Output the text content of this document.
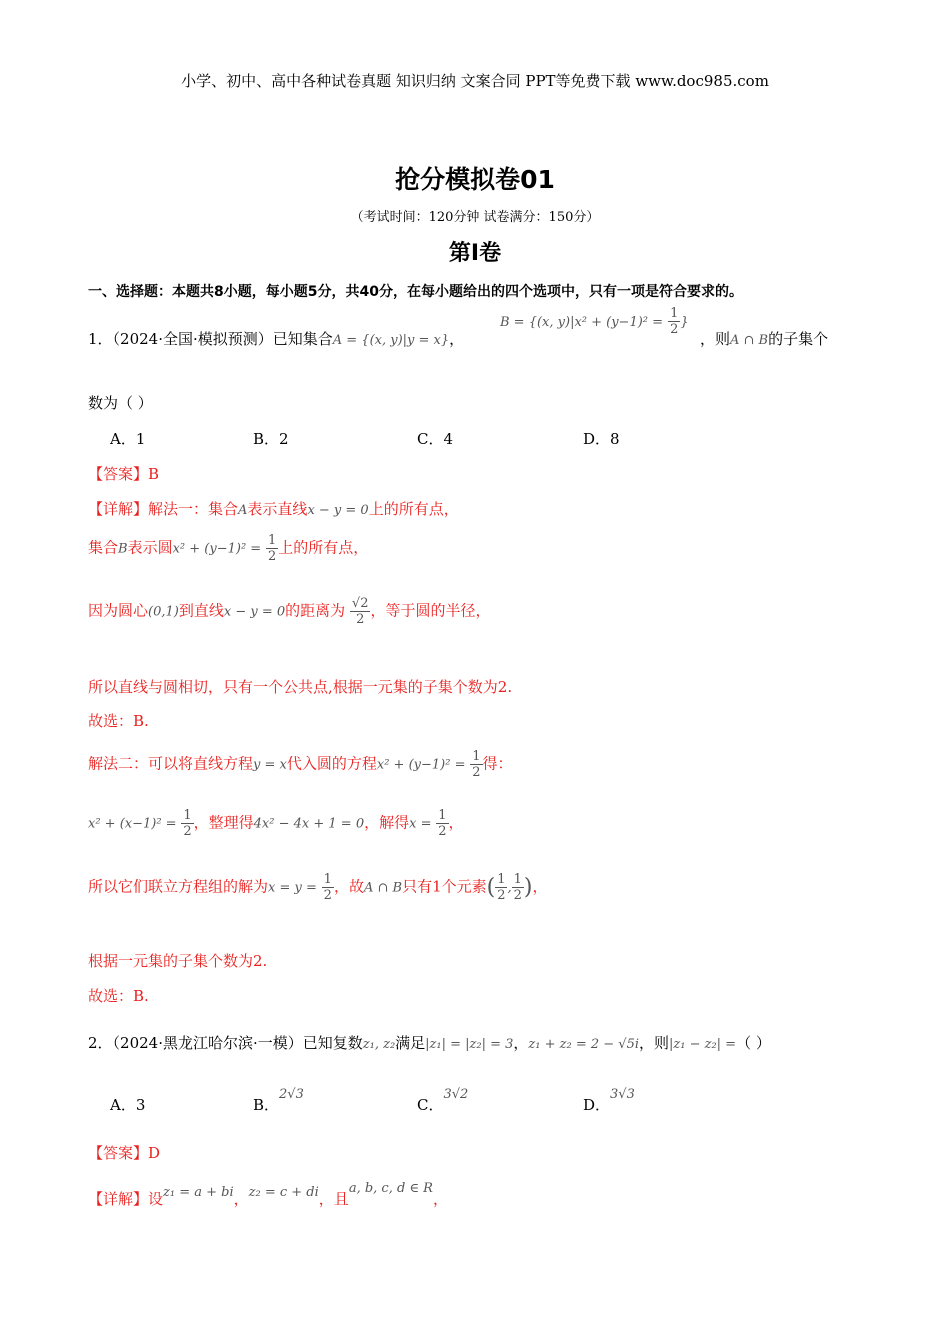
小学、初中、高中各种试卷真题 知识归纳 文案合同 PPT等免费下载 www.doc985.com
抢分模拟卷01
（考试时间：120分钟 试卷满分：150分）
第Ⅰ卷
一、选择题：本题共8小题，每小题5分，共40分，在每小题给出的四个选项中，只有一项是符合要求的。
1．（2024·全国·模拟预测）已知集合A = {(x, y)|y = x}，
B = {(x, $y)|x^2 + (y-1)^2 = \frac{1}{2}$ }
，则A ∩ B的子集个
数为（ ）
A．1	B．2	C．4	D．8
【答案】B
【详解】解法一：集合A表示直线x − y = 0上的所有点，
集合B表示圆$x^2 + (y-1)^2 = \frac{1}{2}$ 上的所有点，
因为圆心(0,1)到直线x − y = 0的距离为 $\frac{√2}{2}$ ，等于圆的半径，
所以直线与圆相切，只有一个公共点,根据一元集的子集个数为2.
故选：B.
解法二：可以将直线方程y = x代入圆的方程$x^2 + (y-1)^2 = \frac{1}{2}$ 得：
$x^2 + (x-1)^2 = \frac{1}{2}$ ，整理得4x² − 4x + 1 = 0，解得$x = \frac{1}{2}$ ，
所以它们联立方程组的解为$x = y = \frac{1}{2}$ ，故A ∩ B只有1个元素( $\frac{1}{2}$ , $\frac{1}{2}$ )，
根据一元集的子集个数为2.
故选：B.
2．（2024·黑龙江哈尔滨·一模）已知复数z₁, z₂满足|z₁| = |z₂| = 3，z₁ + z₂ = 2 − √5i，则|z₁ − z₂| =（ ）
A．3	B．2√3
C．3√2
D．3√3
【答案】D
【详解】设z₁ = a + bi，z₂ = c + di，且a, b, c, d ∈ R，
